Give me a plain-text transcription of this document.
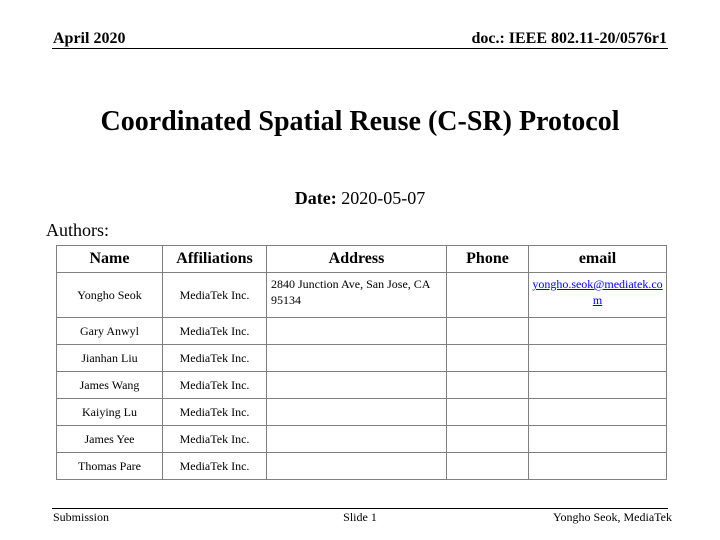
April 2020	doc.: IEEE 802.11-20/0576r1
Coordinated Spatial Reuse (C-SR) Protocol
Date: 2020-05-07
Authors:
Name	Affiliations	Address	Phone	email
Yongho Seok	MediaTek Inc.	2840 Junction Ave, San Jose, CA 95134		yongho.seok@mediatek.com
Gary Anwyl	MediaTek Inc.			
Jianhan Liu	MediaTek Inc.			
James Wang	MediaTek Inc.			
Kaiying Lu	MediaTek Inc.			
James Yee	MediaTek Inc.			
Thomas Pare	MediaTek Inc.			
Submission	Slide 1	Yongho Seok, MediaTek
